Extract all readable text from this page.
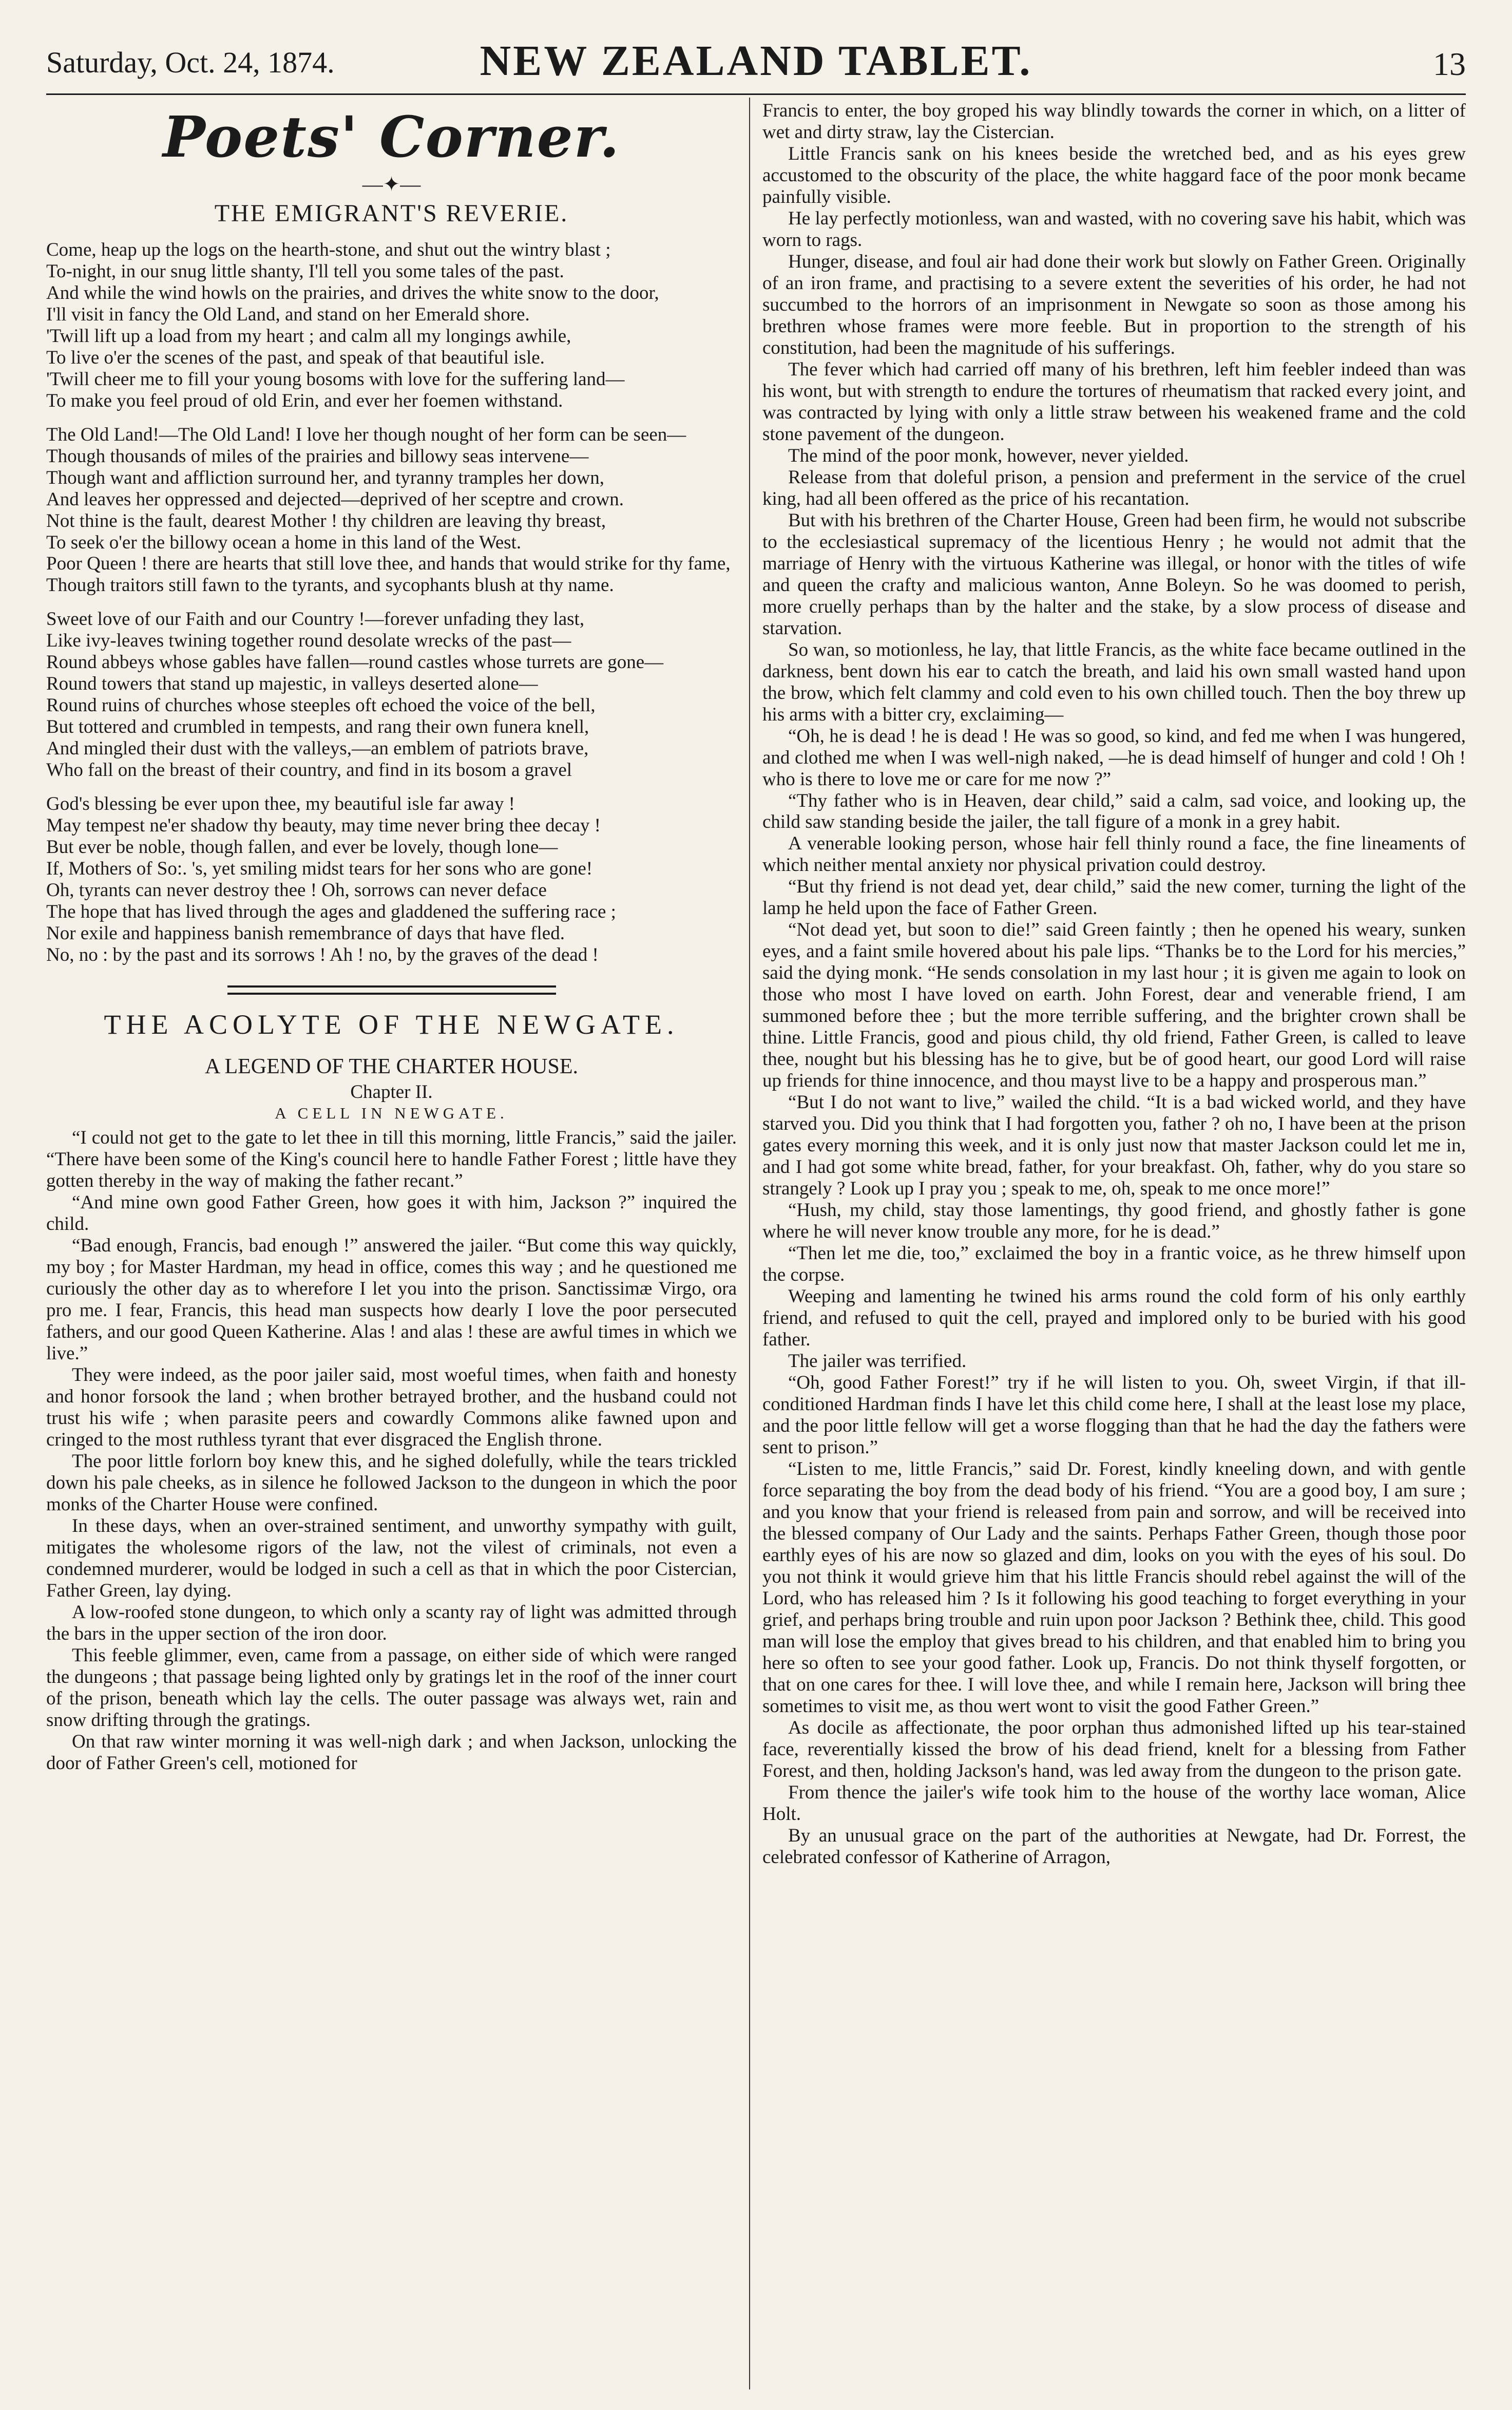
Saturday, Oct. 24, 1874.	NEW ZEALAND TABLET.	13
Poets' Corner.
—✦—
THE EMIGRANT'S REVERIE.
Come, heap up the logs on the hearth-stone, and shut out the wintry blast ;
To-night, in our snug little shanty, I'll tell you some tales of the past.
And while the wind howls on the prairies, and drives the white snow to the door,
I'll visit in fancy the Old Land, and stand on her Emerald shore.
'Twill lift up a load from my heart ; and calm all my longings awhile,
To live o'er the scenes of the past, and speak of that beautiful isle.
'Twill cheer me to fill your young bosoms with love for the suffering land—
To make you feel proud of old Erin, and ever her foemen withstand.
The Old Land!—The Old Land! I love her though nought of her form can be seen—
Though thousands of miles of the prairies and billowy seas intervene—
Though want and affliction surround her, and tyranny tramples her down,
And leaves her oppressed and dejected—deprived of her sceptre and crown.
Not thine is the fault, dearest Mother ! thy children are leaving thy breast,
To seek o'er the billowy ocean a home in this land of the West.
Poor Queen ! there are hearts that still love thee, and hands that would strike for thy fame,
Though traitors still fawn to the tyrants, and sycophants blush at thy name.
Sweet love of our Faith and our Country !—forever unfading they last,
Like ivy-leaves twining together round desolate wrecks of the past—
Round abbeys whose gables have fallen—round castles whose turrets are gone—
Round towers that stand up majestic, in valleys deserted alone—
Round ruins of churches whose steeples oft echoed the voice of the bell,
But tottered and crumbled in tempests, and rang their own funera knell,
And mingled their dust with the valleys,—an emblem of patriots brave,
Who fall on the breast of their country, and find in its bosom a gravel
God's blessing be ever upon thee, my beautiful isle far away !
May tempest ne'er shadow thy beauty, may time never bring thee decay !
But ever be noble, though fallen, and ever be lovely, though lone—
If, Mothers of So:. 's, yet smiling midst tears for her sons who are gone!
Oh, tyrants can never destroy thee ! Oh, sorrows can never deface
The hope that has lived through the ages and gladdened the suffering race ;
Nor exile and happiness banish remembrance of days that have fled.
No, no : by the past and its sorrows ! Ah ! no, by the graves of the dead !
THE ACOLYTE OF THE NEWGATE.
A LEGEND OF THE CHARTER HOUSE.
Chapter II.
A CELL IN NEWGATE.

“I could not get to the gate to let thee in till this morning, little Francis,” said the jailer. “There have been some of the King's council here to handle Father Forest ; little have they gotten thereby in the way of making the father recant.”

“And mine own good Father Green, how goes it with him, Jackson ?” inquired the child.

“Bad enough, Francis, bad enough !” answered the jailer. “But come this way quickly, my boy ; for Master Hardman, my head in office, comes this way ; and he questioned me curiously the other day as to wherefore I let you into the prison. Sanctissimæ Virgo, ora pro me. I fear, Francis, this head man suspects how dearly I love the poor persecuted fathers, and our good Queen Katherine. Alas ! and alas ! these are awful times in which we live.”

They were indeed, as the poor jailer said, most woeful times, when faith and honesty and honor forsook the land ; when brother betrayed brother, and the husband could not trust his wife ; when parasite peers and cowardly Commons alike fawned upon and cringed to the most ruthless tyrant that ever disgraced the English throne.

The poor little forlorn boy knew this, and he sighed dolefully, while the tears trickled down his pale cheeks, as in silence he followed Jackson to the dungeon in which the poor monks of the Charter House were confined.

In these days, when an over-strained sentiment, and unworthy sympathy with guilt, mitigates the wholesome rigors of the law, not the vilest of criminals, not even a condemned murderer, would be lodged in such a cell as that in which the poor Cistercian, Father Green, lay dying.

A low-roofed stone dungeon, to which only a scanty ray of light was admitted through the bars in the upper section of the iron door.

This feeble glimmer, even, came from a passage, on either side of which were ranged the dungeons ; that passage being lighted only by gratings let in the roof of the inner court of the prison, beneath which lay the cells. The outer passage was always wet, rain and snow drifting through the gratings.

On that raw winter morning it was well-nigh dark ; and when Jackson, unlocking the door of Father Green's cell, motioned for

Francis to enter, the boy groped his way blindly towards the corner in which, on a litter of wet and dirty straw, lay the Cistercian.

Little Francis sank on his knees beside the wretched bed, and as his eyes grew accustomed to the obscurity of the place, the white haggard face of the poor monk became painfully visible.

He lay perfectly motionless, wan and wasted, with no covering save his habit, which was worn to rags.

Hunger, disease, and foul air had done their work but slowly on Father Green. Originally of an iron frame, and practising to a severe extent the severities of his order, he had not succumbed to the horrors of an imprisonment in Newgate so soon as those among his brethren whose frames were more feeble. But in proportion to the strength of his constitution, had been the magnitude of his sufferings.

The fever which had carried off many of his brethren, left him feebler indeed than was his wont, but with strength to endure the tortures of rheumatism that racked every joint, and was contracted by lying with only a little straw between his weakened frame and the cold stone pavement of the dungeon.

The mind of the poor monk, however, never yielded.

Release from that doleful prison, a pension and preferment in the service of the cruel king, had all been offered as the price of his recantation.

But with his brethren of the Charter House, Green had been firm, he would not subscribe to the ecclesiastical supremacy of the licentious Henry ; he would not admit that the marriage of Henry with the virtuous Katherine was illegal, or honor with the titles of wife and queen the crafty and malicious wanton, Anne Boleyn. So he was doomed to perish, more cruelly perhaps than by the halter and the stake, by a slow process of disease and starvation.

So wan, so motionless, he lay, that little Francis, as the white face became outlined in the darkness, bent down his ear to catch the breath, and laid his own small wasted hand upon the brow, which felt clammy and cold even to his own chilled touch. Then the boy threw up his arms with a bitter cry, exclaiming—

“Oh, he is dead ! he is dead ! He was so good, so kind, and fed me when I was hungered, and clothed me when I was well-nigh naked, —he is dead himself of hunger and cold ! Oh ! who is there to love me or care for me now ?”

“Thy father who is in Heaven, dear child,” said a calm, sad voice, and looking up, the child saw standing beside the jailer, the tall figure of a monk in a grey habit.

A venerable looking person, whose hair fell thinly round a face, the fine lineaments of which neither mental anxiety nor physical privation could destroy.

“But thy friend is not dead yet, dear child,” said the new comer, turning the light of the lamp he held upon the face of Father Green.

“Not dead yet, but soon to die!” said Green faintly ; then he opened his weary, sunken eyes, and a faint smile hovered about his pale lips. “Thanks be to the Lord for his mercies,” said the dying monk. “He sends consolation in my last hour ; it is given me again to look on those who most I have loved on earth. John Forest, dear and venerable friend, I am summoned before thee ; but the more terrible suffering, and the brighter crown shall be thine. Little Francis, good and pious child, thy old friend, Father Green, is called to leave thee, nought but his blessing has he to give, but be of good heart, our good Lord will raise up friends for thine innocence, and thou mayst live to be a happy and prosperous man.”

“But I do not want to live,” wailed the child. “It is a bad wicked world, and they have starved you. Did you think that I had forgotten you, father ? oh no, I have been at the prison gates every morning this week, and it is only just now that master Jackson could let me in, and I had got some white bread, father, for your breakfast. Oh, father, why do you stare so strangely ? Look up I pray you ; speak to me, oh, speak to me once more!”

“Hush, my child, stay those lamentings, thy good friend, and ghostly father is gone where he will never know trouble any more, for he is dead.”

“Then let me die, too,” exclaimed the boy in a frantic voice, as he threw himself upon the corpse.

Weeping and lamenting he twined his arms round the cold form of his only earthly friend, and refused to quit the cell, prayed and implored only to be buried with his good father.

The jailer was terrified.

“Oh, good Father Forest!” try if he will listen to you. Oh, sweet Virgin, if that ill-conditioned Hardman finds I have let this child come here, I shall at the least lose my place, and the poor little fellow will get a worse flogging than that he had the day the fathers were sent to prison.”

“Listen to me, little Francis,” said Dr. Forest, kindly kneeling down, and with gentle force separating the boy from the dead body of his friend. “You are a good boy, I am sure ; and you know that your friend is released from pain and sorrow, and will be received into the blessed company of Our Lady and the saints. Perhaps Father Green, though those poor earthly eyes of his are now so glazed and dim, looks on you with the eyes of his soul. Do you not think it would grieve him that his little Francis should rebel against the will of the Lord, who has released him ? Is it following his good teaching to forget everything in your grief, and perhaps bring trouble and ruin upon poor Jackson ? Bethink thee, child. This good man will lose the employ that gives bread to his children, and that enabled him to bring you here so often to see your good father. Look up, Francis. Do not think thyself forgotten, or that on one cares for thee. I will love thee, and while I remain here, Jackson will bring thee sometimes to visit me, as thou wert wont to visit the good Father Green.”

As docile as affectionate, the poor orphan thus admonished lifted up his tear-stained face, reverentially kissed the brow of his dead friend, knelt for a blessing from Father Forest, and then, holding Jackson's hand, was led away from the dungeon to the prison gate.

From thence the jailer's wife took him to the house of the worthy lace woman, Alice Holt.

By an unusual grace on the part of the authorities at Newgate, had Dr. Forrest, the celebrated confessor of Katherine of Arragon,
